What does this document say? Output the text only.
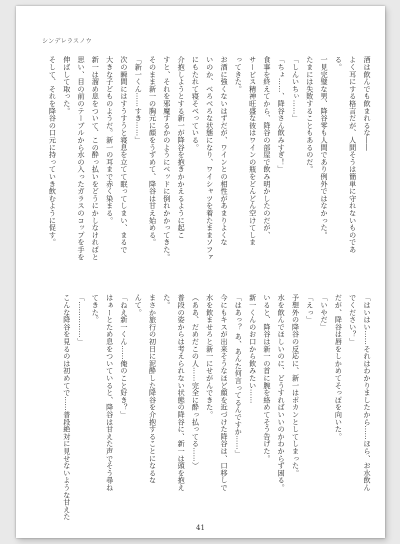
シンデレラスノウ

酒は飲んでも飲まれるな――

よく耳にする格言だが、人間そうは簡単に守れないものであ

る。

一見完璧な男、降谷零も人間であり例外ではなかった。

たまには失敗することもあるのだ。

「しんいちぃ……」

「ちょ……、降谷さん飲みすぎ！」

食事を終えてから、降谷の部屋で飲み明かしたのだが、

サービス精神旺盛な彼はワインの瓶をどんどん空けてしま

ってきた。

お酒に強くないはずだが、ワインとの相性があまりよくな

いのか、べろべろな状態になり、ワイシャツを着たままソファ

にもたれて寝そべっている。

介抱しようとする新一が降谷を抱きかかえるように起こ

すと、それを邪魔するかのようにベッドに倒れかかってきた。

そのまま新一の胸元に顔をうずめて、降谷は甘え始める。

「新一くん……すき……」

次の瞬間にはすうすうと寝息を立てて眠ってしまい、まるで

大きな子どものようだ。新一の耳まで赤く染まる。

新一は溜め息をついて、この酔っ払いをどうにかしなければと

思い、目の前のテーブルから水の入ったガラスのコップを手を

伸ばして取った。

そして、それを降谷の口元に持っていき飲むように促す。

「はいはい……それはわかりましたから……ほら、お水飲ん

でください？」

だが、降谷は唇をしかめてそっぽを向いた。

「いやだ」

「えっ」

予想外の降谷の反応に、新一はポカンとしてしまった。

水を飲んでほしいのに、どうすればいいのかわからず困る。

いると、降谷は新一の首に腕を絡めてそう告げた。

新一くんのお口から飲みたい……

「はあっ？ あ、あんた何言ってるんですか……」

今にもキスが出来そうなほど顔を近づけた降谷は、口移しで

水を飲ませろと新一にせがんできた。

（ああ、だめだこの人……完全に酔っ払ってる……）

普段の姿からは考えられない状態の降谷に、新一は頭を抱え

た。

まさか旅行の初日に泥酔した降谷を介抱することになるな

んて。

「ねえ新一くん……俺のこと好き？」

はぁーとため息をついていると、降谷は甘えた声でそう尋ね

てきた。

「……………」

こんな降谷を見るのは初めてで……普段絶対に見せないような甘えた

41
